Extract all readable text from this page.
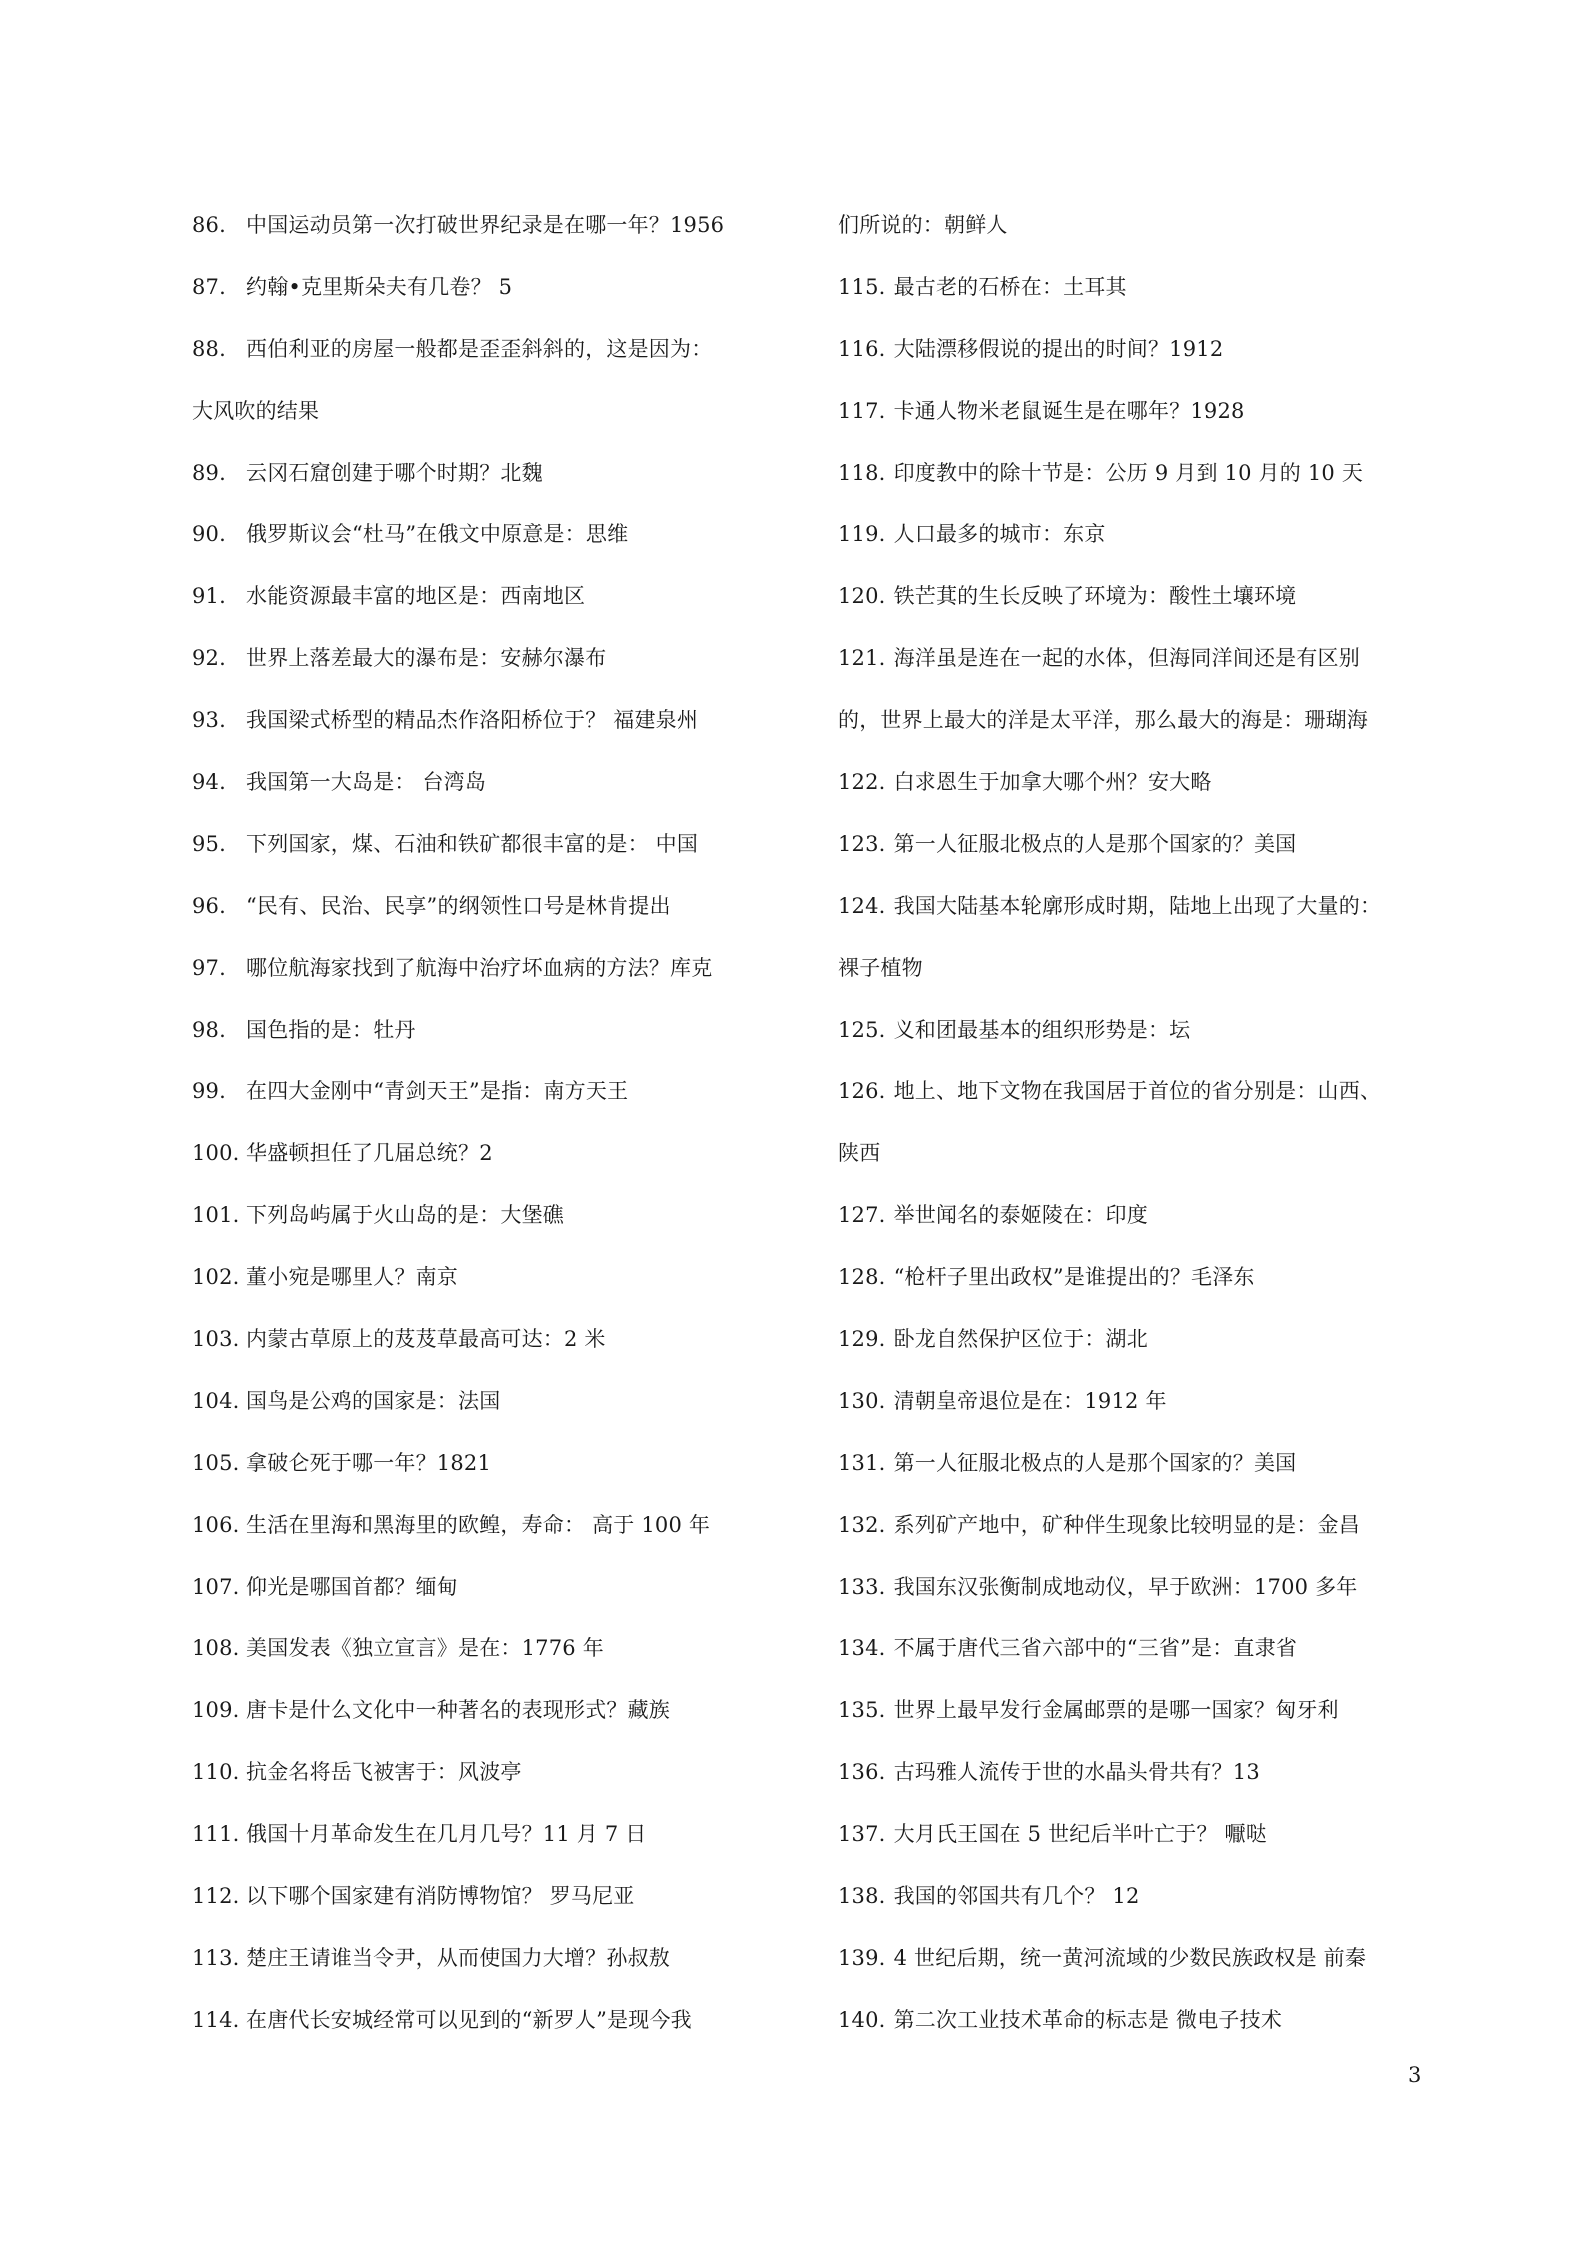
86. 中国运动员第一次打破世界纪录是在哪一年？1956
87. 约翰•克里斯朵夫有几卷？ 5
88. 西伯利亚的房屋一般都是歪歪斜斜的，这是因为：
大风吹的结果
89. 云冈石窟创建于哪个时期？北魏
90. 俄罗斯议会“杜马”在俄文中原意是：思维
91. 水能资源最丰富的地区是：西南地区
92. 世界上落差最大的瀑布是：安赫尔瀑布
93. 我国梁式桥型的精品杰作洛阳桥位于？ 福建泉州
94. 我国第一大岛是： 台湾岛
95. 下列国家，煤、石油和铁矿都很丰富的是： 中国
96. “民有、民治、民享”的纲领性口号是林肯提出
97. 哪位航海家找到了航海中治疗坏血病的方法？库克
98. 国色指的是：牡丹
99. 在四大金刚中“青剑天王”是指：南方天王
100. 华盛顿担任了几届总统？2
101. 下列岛屿属于火山岛的是：大堡礁
102. 董小宛是哪里人？南京
103. 内蒙古草原上的芨芨草最高可达：2 米
104. 国鸟是公鸡的国家是：法国
105. 拿破仑死于哪一年？1821
106. 生活在里海和黑海里的欧鳇，寿命： 高于 100 年
107. 仰光是哪国首都？缅甸
108. 美国发表《独立宣言》是在：1776 年
109. 唐卡是什么文化中一种著名的表现形式？藏族
110. 抗金名将岳飞被害于：风波亭
111. 俄国十月革命发生在几月几号？11 月 7 日
112. 以下哪个国家建有消防博物馆？ 罗马尼亚
113. 楚庄王请谁当令尹，从而使国力大增？孙叔敖
114. 在唐代长安城经常可以见到的“新罗人”是现今我
们所说的：朝鲜人
115. 最古老的石桥在：土耳其
116. 大陆漂移假说的提出的时间？1912
117. 卡通人物米老鼠诞生是在哪年？1928
118. 印度教中的除十节是：公历 9 月到 10 月的 10 天
119. 人口最多的城市：东京
120. 铁芒萁的生长反映了环境为：酸性土壤环境
121. 海洋虽是连在一起的水体，但海同洋间还是有区别
的，世界上最大的洋是太平洋，那么最大的海是：珊瑚海
122. 白求恩生于加拿大哪个州？安大略
123. 第一人征服北极点的人是那个国家的？美国
124. 我国大陆基本轮廓形成时期，陆地上出现了大量的：
裸子植物
125. 义和团最基本的组织形势是：坛
126. 地上、地下文物在我国居于首位的省分别是：山西、
陕西
127. 举世闻名的泰姬陵在：印度
128. “枪杆子里出政权”是谁提出的？毛泽东
129. 卧龙自然保护区位于：湖北
130. 清朝皇帝退位是在：1912 年
131. 第一人征服北极点的人是那个国家的？美国
132. 系列矿产地中，矿种伴生现象比较明显的是：金昌
133. 我国东汉张衡制成地动仪，早于欧洲：1700 多年
134. 不属于唐代三省六部中的“三省”是：直隶省
135. 世界上最早发行金属邮票的是哪一国家？匈牙利
136. 古玛雅人流传于世的水晶头骨共有？13
137. 大月氏王国在 5 世纪后半叶亡于？ 嚈哒
138. 我国的邻国共有几个？ 12
139. 4 世纪后期，统一黄河流域的少数民族政权是 前秦
140. 第二次工业技术革命的标志是 微电子技术
3
